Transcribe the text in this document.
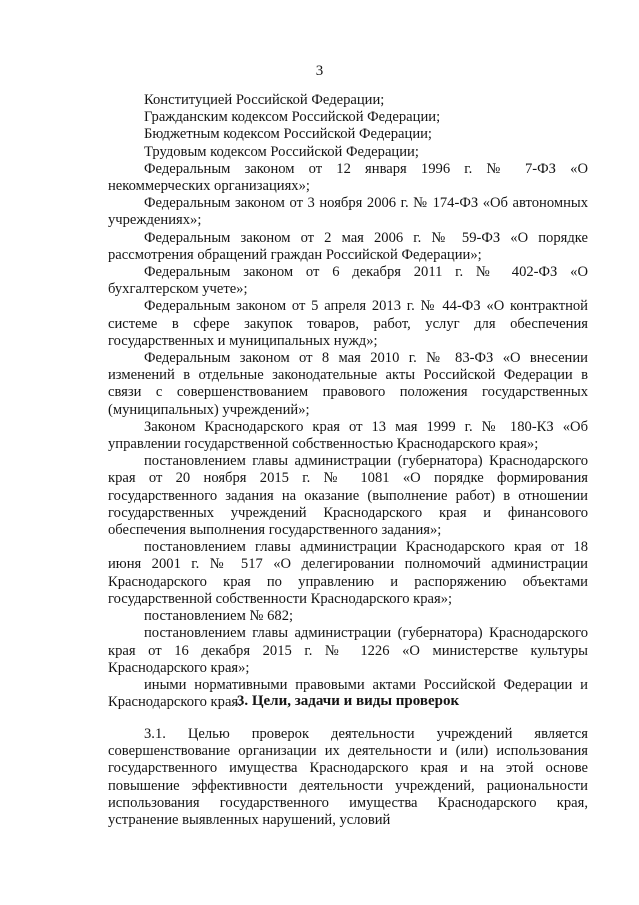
3

Конституцией Российской Федерации;

Гражданским кодексом Российской Федерации;

Бюджетным кодексом Российской Федерации;

Трудовым кодексом Российской Федерации;

Федеральным законом от 12 января 1996 г. № 7-ФЗ «О некоммерческих организациях»;

Федеральным законом от 3 ноября 2006 г. № 174-ФЗ «Об автономных учреждениях»;

Федеральным законом от 2 мая 2006 г. № 59-ФЗ «О порядке рассмотрения обращений граждан Российской Федерации»;

Федеральным законом от 6 декабря 2011 г. № 402-ФЗ «О бухгалтерском учете»;

Федеральным законом от 5 апреля 2013 г. № 44-ФЗ «О контрактной системе в сфере закупок товаров, работ, услуг для обеспечения государственных и муниципальных нужд»;

Федеральным законом от 8 мая 2010 г. № 83-ФЗ «О внесении изменений в отдельные законодательные акты Российской Федерации в связи с совершенствованием правового положения государственных (муниципальных) учреждений»;

Законом Краснодарского края от 13 мая 1999 г. № 180-КЗ «Об управлении государственной собственностью Краснодарского края»;

постановлением главы администрации (губернатора) Краснодарского края от 20 ноября 2015 г. № 1081 «О порядке формирования государственного задания на оказание (выполнение работ) в отношении государственных учреждений Краснодарского края и финансового обеспечения выполнения государственного задания»;

постановлением главы администрации Краснодарского края от 18 июня 2001 г. № 517 «О делегировании полномочий администрации Краснодарского края по управлению и распоряжению объектами государственной собственности Краснодарского края»;

постановлением № 682;

постановлением главы администрации (губернатора) Краснодарского края от 16 декабря 2015 г. № 1226 «О министерстве культуры Краснодарского края»;

иными нормативными правовыми актами Российской Федерации и Краснодарского края.

3. Цели, задачи и виды проверок

3.1. Целью проверок деятельности учреждений является совершенствование организации их деятельности и (или) использования государственного имущества Краснодарского края и на этой основе повышение эффективности деятельности учреждений, рациональности использования государственного имущества Краснодарского края, устранение выявленных нарушений, условий
